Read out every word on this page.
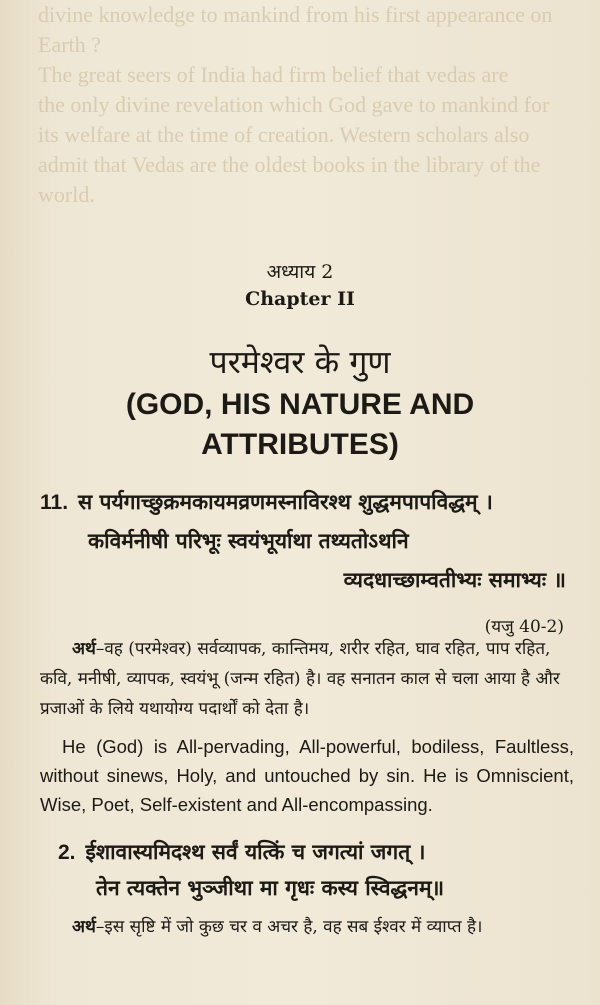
divine knowledge to mankind from his first appearance on
Earth ?
The great seers of India had firm belief that vedas are
the only divine revelation which God gave to mankind for
its welfare at the time of creation. Western scholars also
admit that Vedas are the oldest books in the library of the
world.
अध्याय 2
Chapter II
परमेश्वर के गुण
(GOD, HIS NATURE AND
ATTRIBUTES)
11. स पर्यगाच्छुक्रमकायमव्रणमस्नाविरश्थ शुद्धमपापविद्धम् ।
कविर्मनीषी परिभूः स्वयंभूर्याथा तथ्यतोऽथनि
व्यदधाच्छाम्वतीभ्यः समाभ्यः ॥
(यजु 40-2)
अर्थ–वह (परमेश्वर) सर्वव्यापक, कान्तिमय, शरीर रहित, घाव रहित, पाप रहित, कवि, मनीषी, व्यापक, स्वयंभू (जन्म रहित) है। वह सनातन काल से चला आया है और प्रजाओं के लिये यथायोग्य पदार्थों को देता है।
He (God) is All-pervading, All-powerful, bodiless, Faultless, without sinews, Holy, and untouched by sin. He is Omniscient, Wise, Poet, Self-existent and All-encompassing.
2. ईशावास्यमिदश्थ सर्वं यत्किं च जगत्यां जगत् ।
तेन त्यक्तेन भुञ्जीथा मा गृधः कस्य स्विद्धनम्॥
अर्थ–इस सृष्टि में जो कुछ चर व अचर है, वह सब ईश्वर में व्याप्त है।
